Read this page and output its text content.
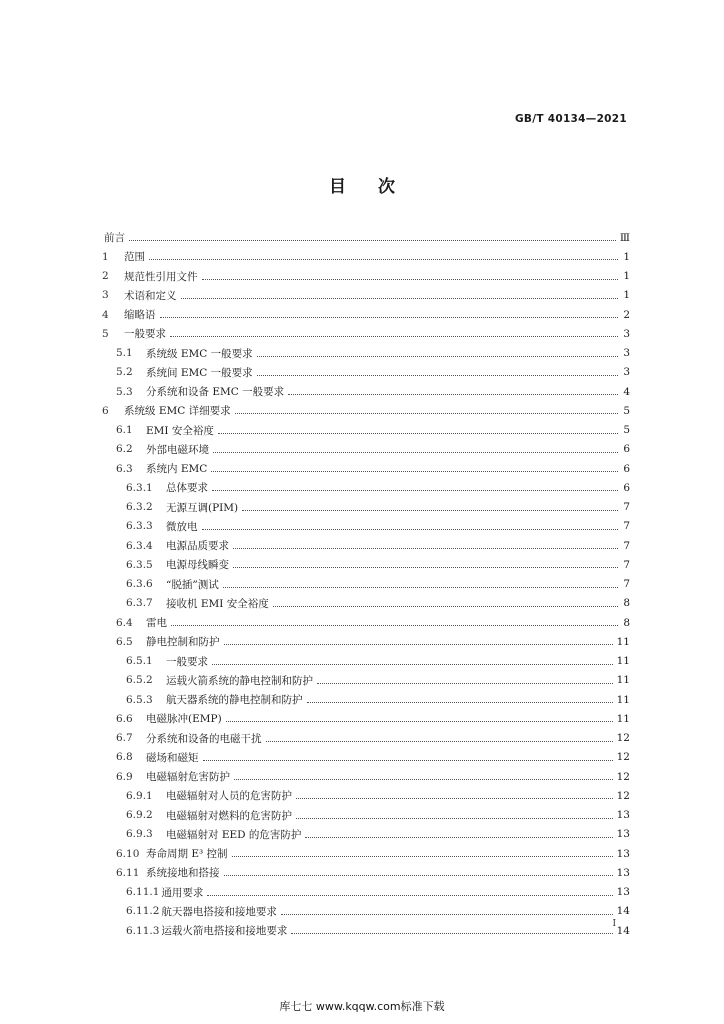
GB/T 40134—2021
目 次
前言	Ⅲ
1	范围	1
2	规范性引用文件	1
3	术语和定义	1
4	缩略语	2
5	一般要求	3
5.1	系统级 EMC 一般要求	3
5.2	系统间 EMC 一般要求	3
5.3	分系统和设备 EMC 一般要求	4
6	系统级 EMC 详细要求	5
6.1	EMI 安全裕度	5
6.2	外部电磁环境	6
6.3	系统内 EMC	6
6.3.1	总体要求	6
6.3.2	无源互调(PIM)	7
6.3.3	微放电	7
6.3.4	电源品质要求	7
6.3.5	电源母线瞬变	7
6.3.6	“脱插”测试	7
6.3.7	接收机 EMI 安全裕度	8
6.4	雷电	8
6.5	静电控制和防护	11
6.5.1	一般要求	11
6.5.2	运载火箭系统的静电控制和防护	11
6.5.3	航天器系统的静电控制和防护	11
6.6	电磁脉冲(EMP)	11
6.7	分系统和设备的电磁干扰	12
6.8	磁场和磁矩	12
6.9	电磁辐射危害防护	12
6.9.1	电磁辐射对人员的危害防护	12
6.9.2	电磁辐射对燃料的危害防护	13
6.9.3	电磁辐射对 EED 的危害防护	13
6.10 寿命周期 E³ 控制	13
6.11 系统接地和搭接	13
6.11.1 通用要求	13
6.11.2 航天器电搭接和接地要求	14
6.11.3 运载火箭电搭接和接地要求	14
I
库七七 www.kqqw.com标准下载
